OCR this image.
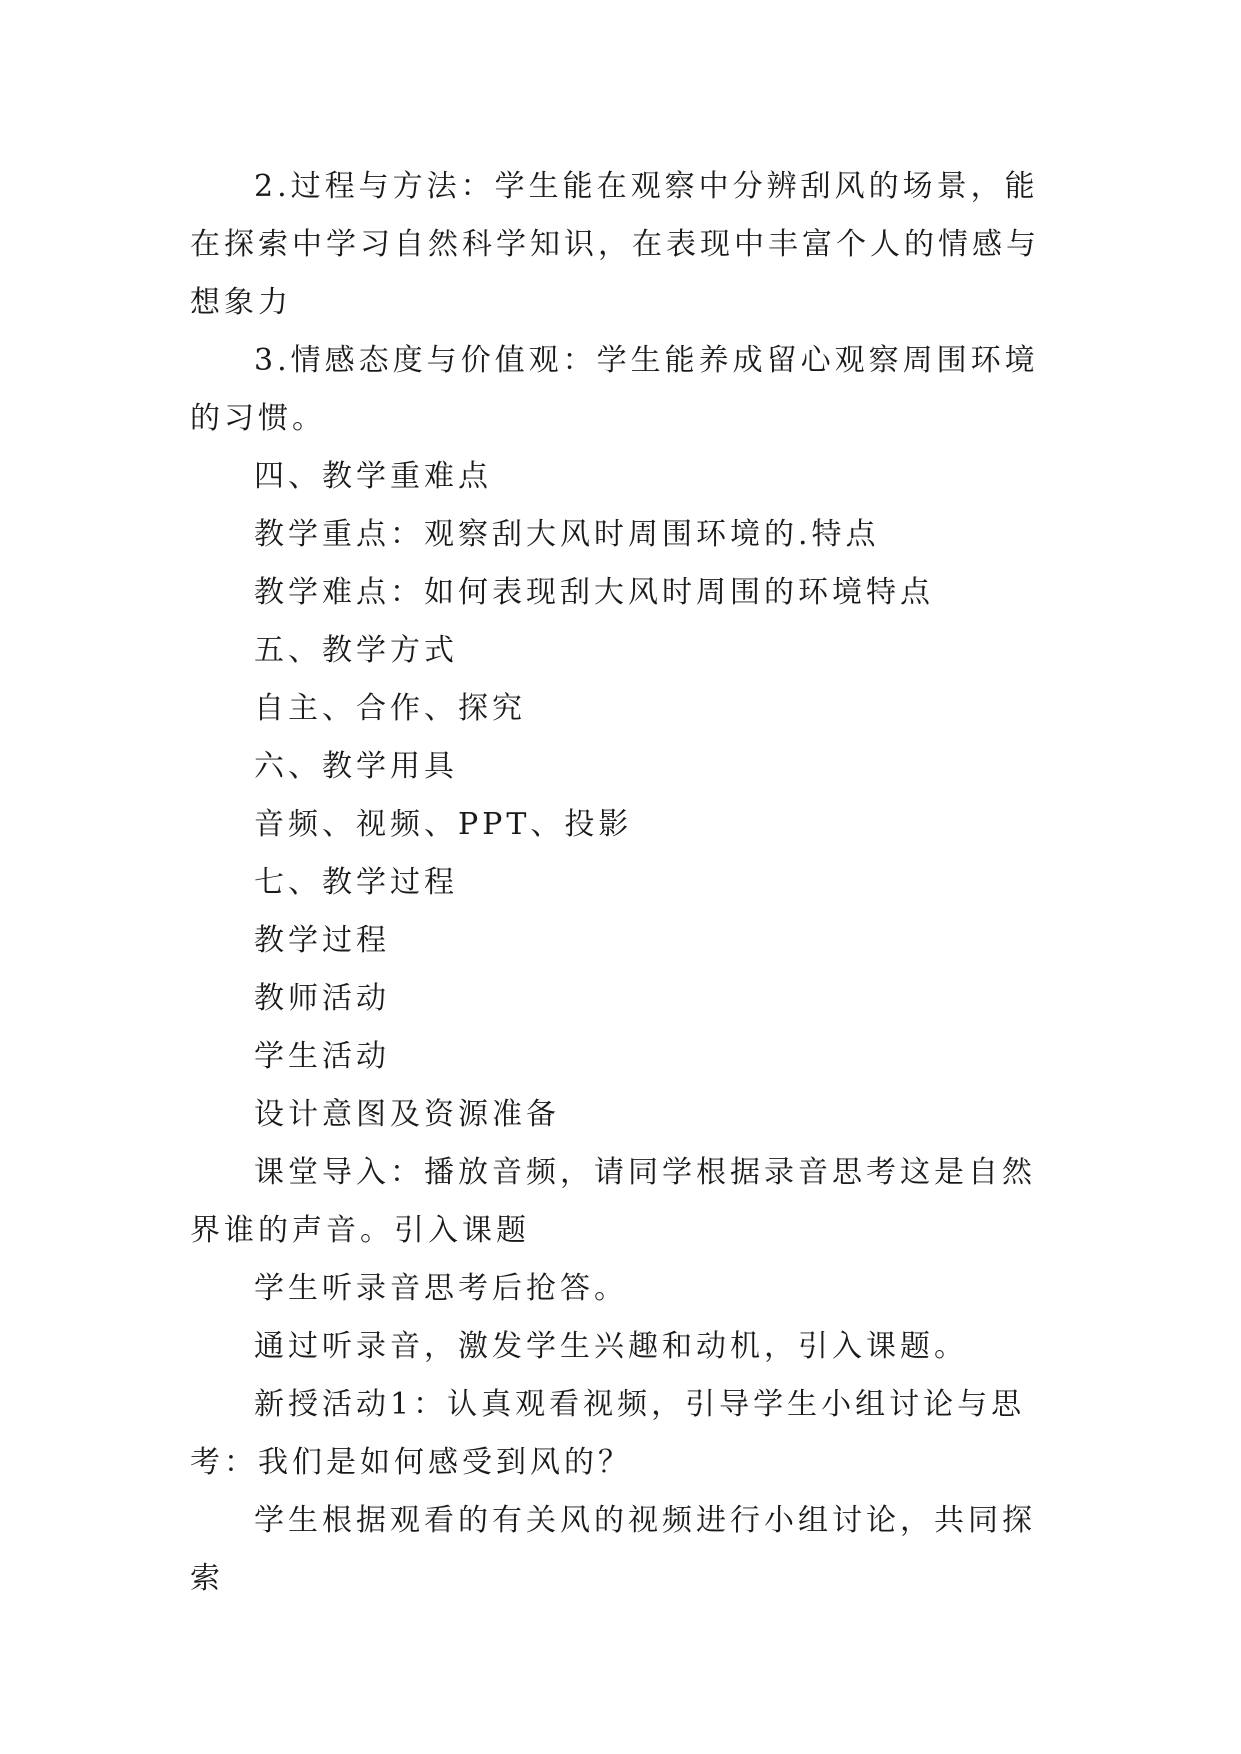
2.过程与方法：学生能在观察中分辨刮风的场景，能在探索中学习自然科学知识，在表现中丰富个人的情感与想象力

3.情感态度与价值观：学生能养成留心观察周围环境的习惯。

四、教学重难点

教学重点：观察刮大风时周围环境的.特点

教学难点：如何表现刮大风时周围的环境特点

五、教学方式

自主、合作、探究

六、教学用具

音频、视频、PPT、投影

七、教学过程

教学过程

教师活动

学生活动

设计意图及资源准备

课堂导入：播放音频，请同学根据录音思考这是自然界谁的声音。引入课题

学生听录音思考后抢答。

通过听录音，激发学生兴趣和动机，引入课题。

新授活动1：认真观看视频，引导学生小组讨论与思考：我们是如何感受到风的？

学生根据观看的有关风的视频进行小组讨论，共同探索
